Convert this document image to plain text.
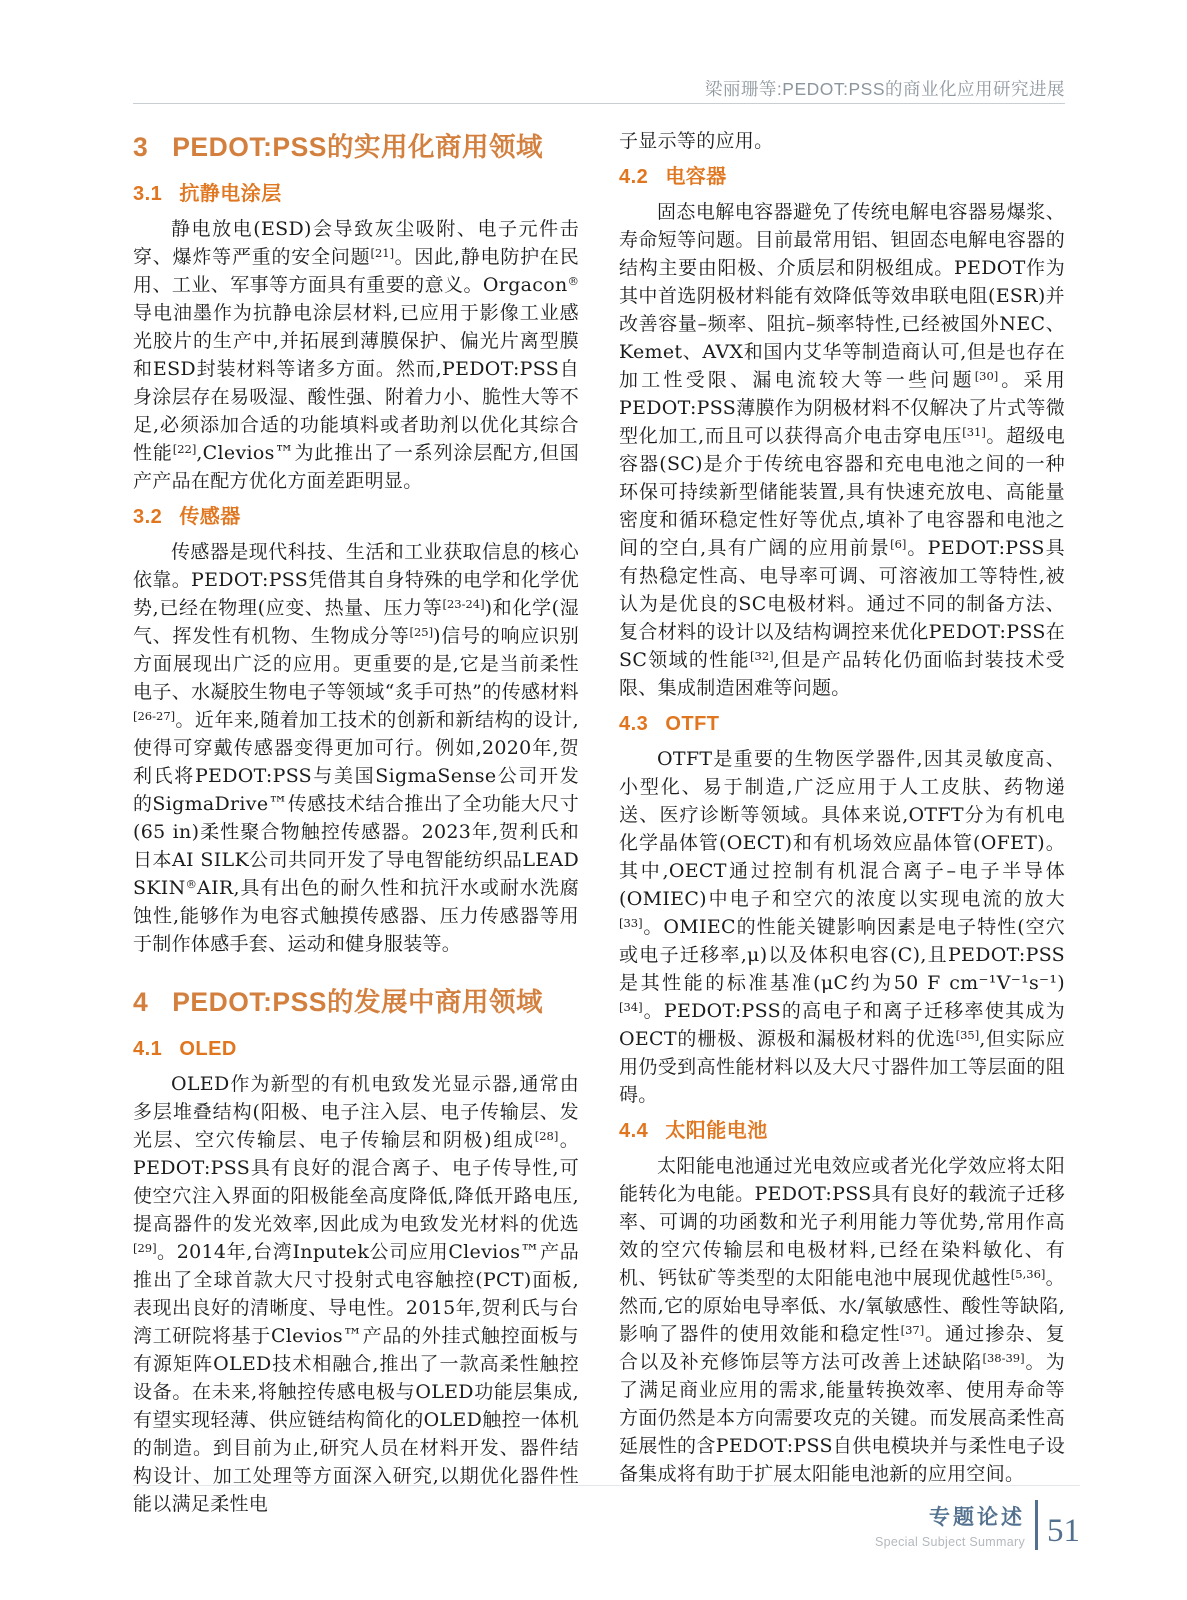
梁丽珊等:PEDOT:PSS的商业化应用研究进展
3 PEDOT:PSS的实用化商用领域
3.1 抗静电涂层

静电放电(ESD)会导致灰尘吸附、电子元件击穿、爆炸等严重的安全问题[21]。因此,静电防护在民用、工业、军事等方面具有重要的意义。Orgacon®导电油墨作为抗静电涂层材料,已应用于影像工业感光胶片的生产中,并拓展到薄膜保护、偏光片离型膜和ESD封装材料等诸多方面。然而,PEDOT:PSS自身涂层存在易吸湿、酸性强、附着力小、脆性大等不足,必须添加合适的功能填料或者助剂以优化其综合性能[22],Clevios™为此推出了一系列涂层配方,但国产产品在配方优化方面差距明显。

3.2 传感器

传感器是现代科技、生活和工业获取信息的核心依靠。PEDOT:PSS凭借其自身特殊的电学和化学优势,已经在物理(应变、热量、压力等[23-24])和化学(湿气、挥发性有机物、生物成分等[25])信号的响应识别方面展现出广泛的应用。更重要的是,它是当前柔性电子、水凝胶生物电子等领域“炙手可热”的传感材料[26-27]。近年来,随着加工技术的创新和新结构的设计,使得可穿戴传感器变得更加可行。例如,2020年,贺利氏将PEDOT:PSS与美国SigmaSense公司开发的SigmaDrive™传感技术结合推出了全功能大尺寸(65 in)柔性聚合物触控传感器。2023年,贺利氏和日本AI SILK公司共同开发了导电智能纺织品LEAD SKIN®AIR,具有出色的耐久性和抗汗水或耐水洗腐蚀性,能够作为电容式触摸传感器、压力传感器等用于制作体感手套、运动和健身服装等。

4 PEDOT:PSS的发展中商用领域
4.1 OLED

OLED作为新型的有机电致发光显示器,通常由多层堆叠结构(阳极、电子注入层、电子传输层、发光层、空穴传输层、电子传输层和阴极)组成[28]。PEDOT:PSS具有良好的混合离子、电子传导性,可使空穴注入界面的阳极能垒高度降低,降低开路电压,提高器件的发光效率,因此成为电致发光材料的优选[29]。2014年,台湾Inputek公司应用Clevios™产品推出了全球首款大尺寸投射式电容触控(PCT)面板,表现出良好的清晰度、导电性。2015年,贺利氏与台湾工研院将基于Clevios™产品的外挂式触控面板与有源矩阵OLED技术相融合,推出了一款高柔性触控设备。在未来,将触控传感电极与OLED功能层集成,有望实现轻薄、供应链结构简化的OLED触控一体机的制造。到目前为止,研究人员在材料开发、器件结构设计、加工处理等方面深入研究,以期优化器件性能以满足柔性电

子显示等的应用。

4.2 电容器

固态电解电容器避免了传统电解电容器易爆浆、寿命短等问题。目前最常用铝、钽固态电解电容器的结构主要由阳极、介质层和阴极组成。PEDOT作为其中首选阴极材料能有效降低等效串联电阻(ESR)并改善容量–频率、阻抗–频率特性,已经被国外NEC、Kemet、AVX和国内艾华等制造商认可,但是也存在加工性受限、漏电流较大等一些问题[30]。采用PEDOT:PSS薄膜作为阴极材料不仅解决了片式等微型化加工,而且可以获得高介电击穿电压[31]。超级电容器(SC)是介于传统电容器和充电电池之间的一种环保可持续新型储能装置,具有快速充放电、高能量密度和循环稳定性好等优点,填补了电容器和电池之间的空白,具有广阔的应用前景[6]。PEDOT:PSS具有热稳定性高、电导率可调、可溶液加工等特性,被认为是优良的SC电极材料。通过不同的制备方法、复合材料的设计以及结构调控来优化PEDOT:PSS在SC领域的性能[32],但是产品转化仍面临封装技术受限、集成制造困难等问题。

4.3 OTFT

OTFT是重要的生物医学器件,因其灵敏度高、小型化、易于制造,广泛应用于人工皮肤、药物递送、医疗诊断等领域。具体来说,OTFT分为有机电化学晶体管(OECT)和有机场效应晶体管(OFET)。其中,OECT通过控制有机混合离子–电子半导体(OMIEC)中电子和空穴的浓度以实现电流的放大[33]。OMIEC的性能关键影响因素是电子特性(空穴或电子迁移率,μ)以及体积电容(C),且PEDOT:PSS是其性能的标准基准(μC约为50 F cm⁻¹V⁻¹s⁻¹)[34]。PEDOT:PSS的高电子和离子迁移率使其成为OECT的栅极、源极和漏极材料的优选[35],但实际应用仍受到高性能材料以及大尺寸器件加工等层面的阻碍。

4.4 太阳能电池

太阳能电池通过光电效应或者光化学效应将太阳能转化为电能。PEDOT:PSS具有良好的载流子迁移率、可调的功函数和光子利用能力等优势,常用作高效的空穴传输层和电极材料,已经在染料敏化、有机、钙钛矿等类型的太阳能电池中展现优越性[5,36]。然而,它的原始电导率低、水/氧敏感性、酸性等缺陷,影响了器件的使用效能和稳定性[37]。通过掺杂、复合以及补充修饰层等方法可改善上述缺陷[38-39]。为了满足商业应用的需求,能量转换效率、使用寿命等方面仍然是本方向需要攻克的关键。而发展高柔性高延展性的含PEDOT:PSS自供电模块并与柔性电子设备集成将有助于扩展太阳能电池新的应用空间。

专题论述
Special Subject Summary 51
